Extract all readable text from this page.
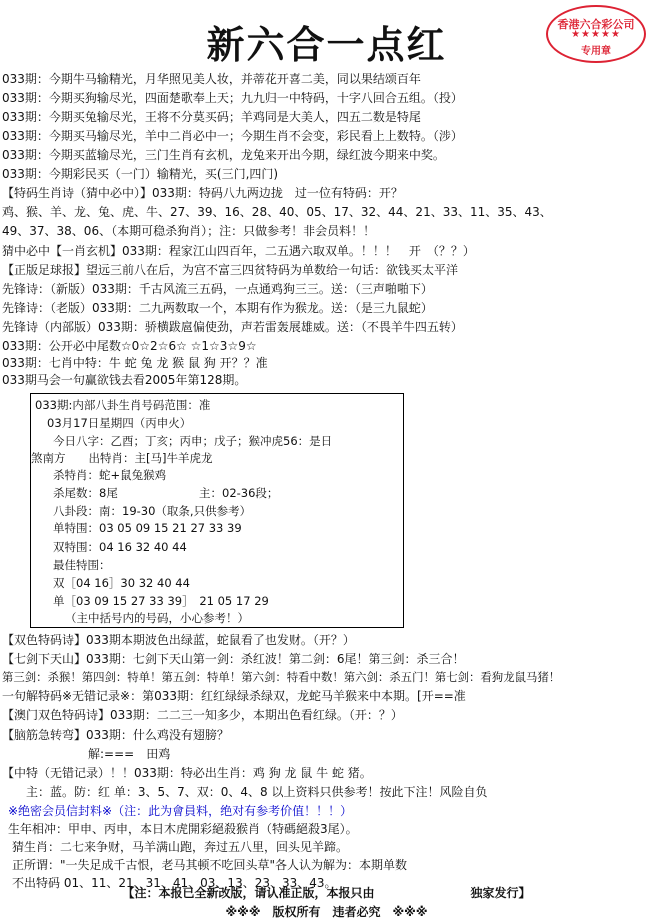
新六合一点红	香港六合彩公司
★★★★★
专用章
033期：今期牛马输精光，月华照见美人妆，并蒂花开喜二美，同以果结颂百年
033期：今期买狗输尽光，四面楚歌奉上天；九九归一中特码，十字八回合五组。（投）
033期：今期买兔输尽光，王将不分莫买码；羊鸡同是大美人，四五二数是特尾
033期：今期买马输尽光，羊中二肖必中一；今期生肖不会变，彩民看上上数特。（涉）
033期：今期买蓝输尽光，三门生肖有玄机，龙兔来开出今期，绿红波今期来中奖。
033期：今期彩民买（一门）输精光，买(三门,四门)
【特码生肖诗（猜中必中）】033期：特码八九两边拢　过一位有特码：开？
鸡、猴、羊、龙、兔、虎、牛、27、39、16、28、40、05、17、32、44、21、33、11、35、43、
49、37、38、06、（本期可稳杀狗肖）；注：只做参考！非会员料！！
猜中必中【一肖玄机】033期：程家江山四百年，二五遇六取双单。！！！　开　（？？）
【正版足球报】望远三前八在后，为宫不富三四贫特码为单数给一句话：欲钱买太平洋
先锋诗：（新版）033期：千古风流三五码，一点通鸡狗三三。送：（三声啪啪下）
先锋诗：（老版）033期：二九两数取一个，本期有作为猴龙。送：（是三九鼠蛇）
先锋诗（内部版）033期：骄横跋扈偏使劲，声若雷轰展雄威。送：（不畏羊牛四五转）
033期：公开必中尾数☆0☆2☆6☆ ☆1☆3☆9☆
033期：七肖中特：牛 蛇 兔 龙 猴 鼠 狗 开？？准
033期马会一句赢欲钱去看2005年第128期。
033期:内部八卦生肖号码范围：准
03月17日星期四（丙申火）
今日八字：乙酉；丁亥；丙申；戊子；猴冲虎56：是日
煞南方　　出特肖：主[马]牛羊虎龙
杀特肖：蛇+鼠兔猴鸡
杀尾数：8尾	主：02-36段；
八卦段：南：19-30（取条,只供参考）
单特围：03 05 09 15 21 27 33 39
双特围：04 16 32 40 44
最佳特围：
双［04 16］30 32 40 44
单［03 09 15 27 33 39］　21 05 17 29
（主中括号内的号码，小心参考！）
【双色特码诗】033期本期波色出绿蓝，蛇鼠看了也发财。（开？）
【七剑下天山】033期：七剑下天山第一剑：杀红波！第二剑：6尾！第三剑：杀三合！
第三剑：杀猴！第四剑：特单！第五剑：特单！第六剑：特看中数！第六剑：杀五门！第七剑：看狗龙鼠马猪！
一句解特码※无错记录※：第033期：红红绿绿杀绿双，龙蛇马羊猴来中本期。[开==准
【澳门双色特码诗】033期：二二三一知多少，本期出色看红绿。（开：？）
【脑筋急转弯】033期：什么鸡没有翅膀？
解:===　田鸡
【中特（无错记录）！！033期：特必出生肖：鸡 狗 龙 鼠 牛 蛇 猪。
主：蓝。防：红 单：3、5、7、双：0、4、8 以上资料只供参考！按此下注！风险自负
※绝密会员信封料※（注：此为會員料，绝对有参考价值！！！）
生年相冲：甲申、丙申，本日木虎開彩絕殺猴肖（特碼絕殺3尾）。
猜生肖：二七来争财，马羊满山跑，奔过五八里，回头见羊蹄。
正所谓："一失足成千古恨，老马其顿不吃回头草"各人认为解为：本期单数
不出特码 01、11、21、31、41、03、13、23、33、43。
【注：本报已全新改版，请认准正版，本报只由　　　　　　　　独家发行】
※※※　版权所有　违者必究　※※※
